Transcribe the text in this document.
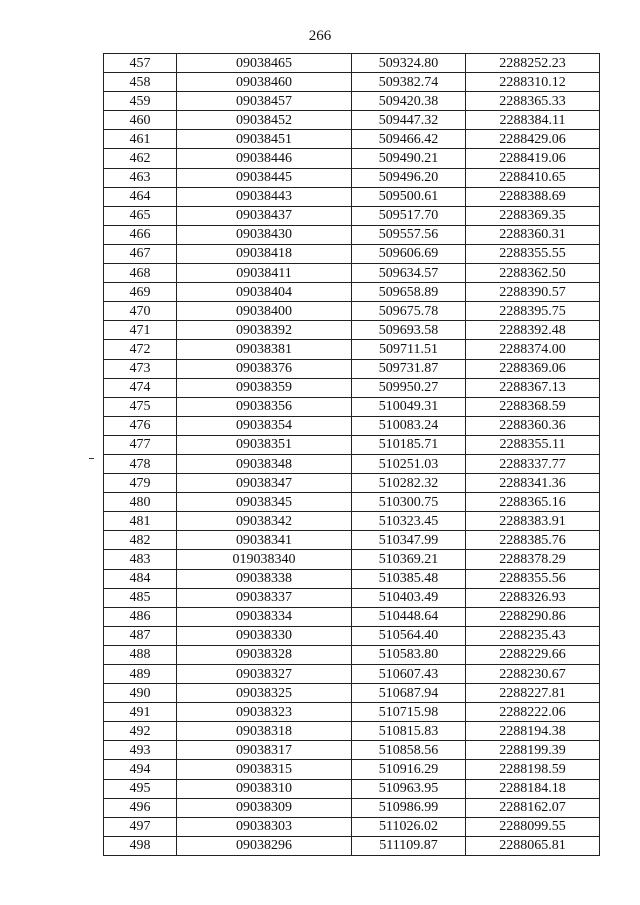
266
457	09038465	509324.80	2288252.23
458	09038460	509382.74	2288310.12
459	09038457	509420.38	2288365.33
460	09038452	509447.32	2288384.11
461	09038451	509466.42	2288429.06
462	09038446	509490.21	2288419.06
463	09038445	509496.20	2288410.65
464	09038443	509500.61	2288388.69
465	09038437	509517.70	2288369.35
466	09038430	509557.56	2288360.31
467	09038418	509606.69	2288355.55
468	09038411	509634.57	2288362.50
469	09038404	509658.89	2288390.57
470	09038400	509675.78	2288395.75
471	09038392	509693.58	2288392.48
472	09038381	509711.51	2288374.00
473	09038376	509731.87	2288369.06
474	09038359	509950.27	2288367.13
475	09038356	510049.31	2288368.59
476	09038354	510083.24	2288360.36
477	09038351	510185.71	2288355.11
478	09038348	510251.03	2288337.77
479	09038347	510282.32	2288341.36
480	09038345	510300.75	2288365.16
481	09038342	510323.45	2288383.91
482	09038341	510347.99	2288385.76
483	019038340	510369.21	2288378.29
484	09038338	510385.48	2288355.56
485	09038337	510403.49	2288326.93
486	09038334	510448.64	2288290.86
487	09038330	510564.40	2288235.43
488	09038328	510583.80	2288229.66
489	09038327	510607.43	2288230.67
490	09038325	510687.94	2288227.81
491	09038323	510715.98	2288222.06
492	09038318	510815.83	2288194.38
493	09038317	510858.56	2288199.39
494	09038315	510916.29	2288198.59
495	09038310	510963.95	2288184.18
496	09038309	510986.99	2288162.07
497	09038303	511026.02	2288099.55
498	09038296	511109.87	2288065.81
